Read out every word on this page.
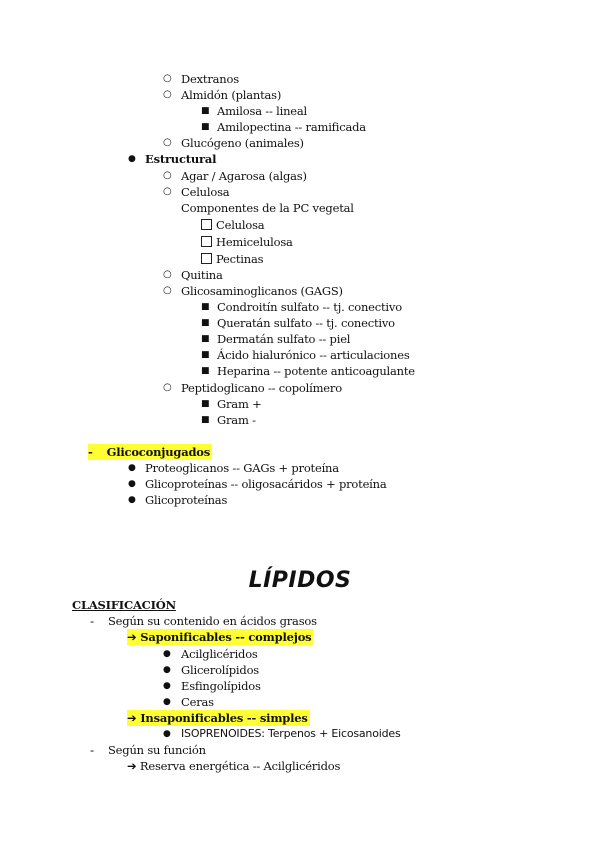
○ Dextranos
○ Almidón (plantas)
■ Amilosa -- lineal
■ Amilopectina -- ramificada
○ Glucógeno (animales)
● Estructural
○ Agar / Agarosa (algas)
○ Celulosa
Componentes de la PC vegetal
Celulosa
Hemicelulosa
Pectinas
○ Quitina
○ Glicosaminoglicanos (GAGS)
■ Condroitín sulfato -- tj. conectivo
■ Queratán sulfato -- tj. conectivo
■ Dermatán sulfato -- piel
■ Ácido hialurónico -- articulaciones
■ Heparina -- potente anticoagulante
○ Peptidoglicano -- copolímero
■ Gram +
■ Gram -
- Glicoconjugados
● Proteoglicanos -- GAGs + proteína
● Glicoproteínas -- oligosacáridos + proteína
● Glicoproteínas
LÍPIDOS
CLASIFICACIÓN
- Según su contenido en ácidos grasos
➔ Saponificables -- complejos
● Acilglicéridos
● Glicerolípidos
● Esfingolípidos
● Ceras
➔ Insaponificables -- simples
● ISOPRENOIDES: Terpenos + Eicosanoides
- Según su función
➔ Reserva energética -- Acilglicéridos
